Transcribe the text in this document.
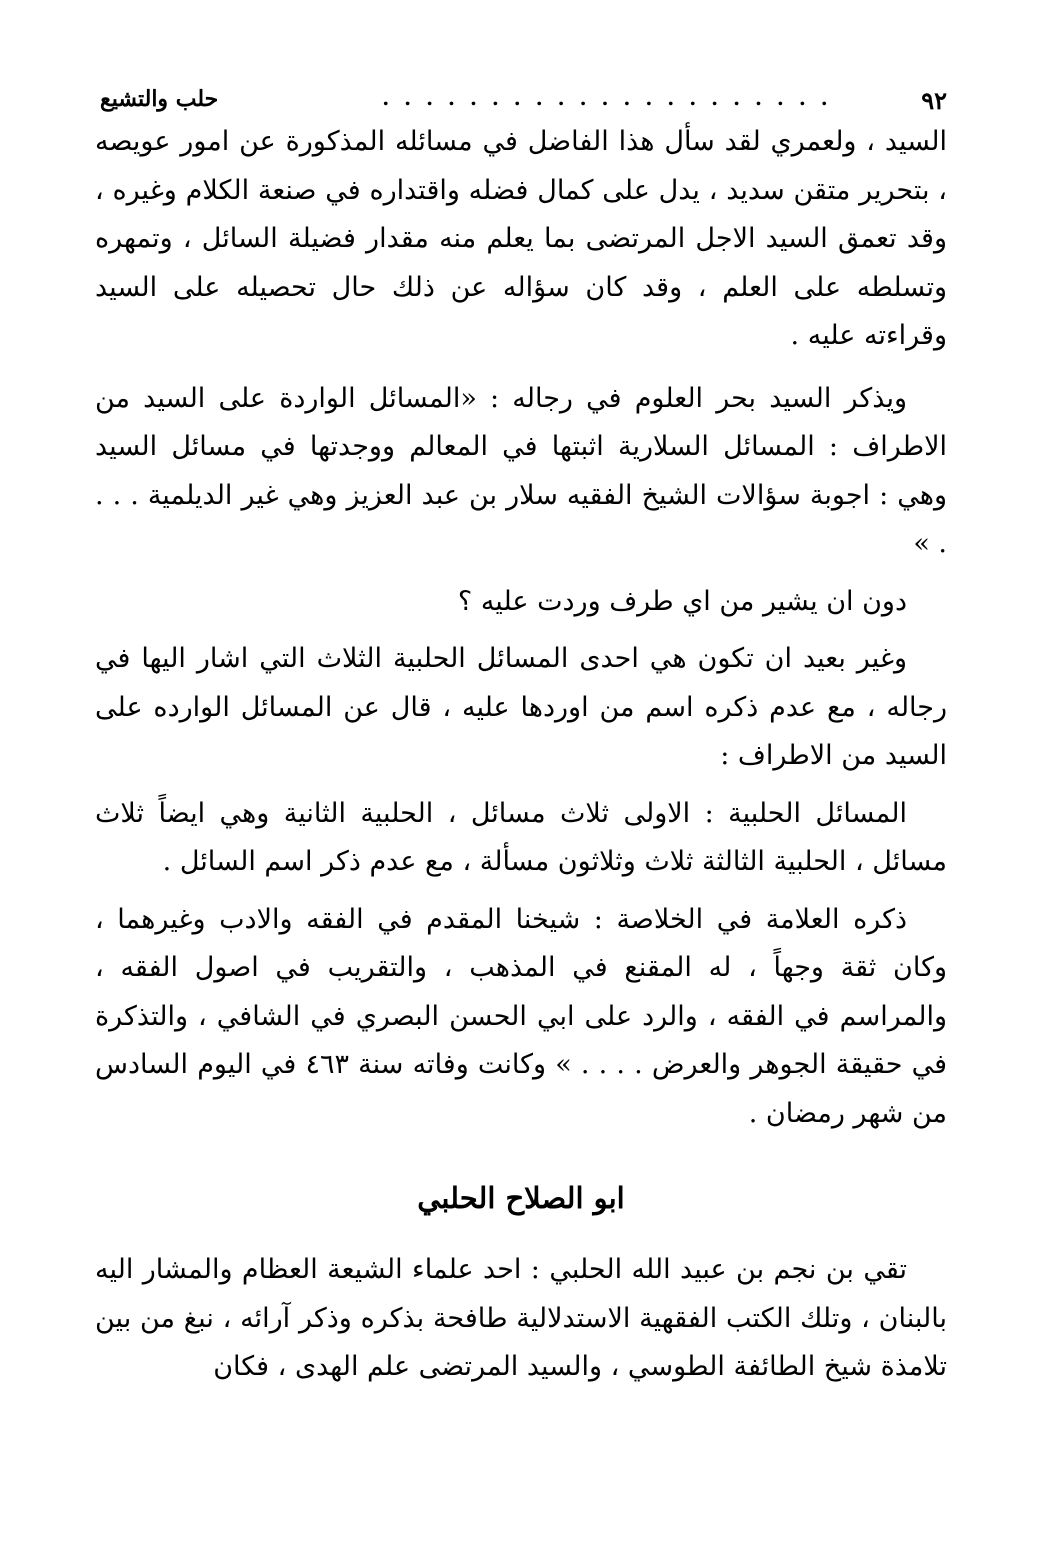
٩٢
. . . . . . . . . . . . . . . . . . . . .
حلب والتشيع

السيد ، ولعمري لقد سأل هذا الفاضل في مسائله المذكورة عن امور عويصه ، بتحرير متقن سديد ، يدل على كمال فضله واقتداره في صنعة الكلام وغيره ، وقد تعمق السيد الاجل المرتضى بما يعلم منه مقدار فضيلة السائل ، وتمهره وتسلطه على العلم ، وقد كان سؤاله عن ذلك حال تحصيله على السيد وقراءته عليه .

ويذكر السيد بحر العلوم في رجاله : «المسائل الواردة على السيد من الاطراف : المسائل السلارية اثبتها في المعالم ووجدتها في مسائل السيد وهي : اجوبة سؤالات الشيخ الفقيه سلار بن عبد العزيز وهي غير الديلمية . . . . »

دون ان يشير من اي طرف وردت عليه ؟

وغير بعيد ان تكون هي احدى المسائل الحلبية الثلاث التي اشار اليها في رجاله ، مع عدم ذكره اسم من اوردها عليه ، قال عن المسائل الوارده على السيد من الاطراف :

المسائل الحلبية : الاولى ثلاث مسائل ، الحلبية الثانية وهي ايضاً ثلاث مسائل ، الحلبية الثالثة ثلاث وثلاثون مسألة ، مع عدم ذكر اسم السائل .

ذكره العلامة في الخلاصة : شيخنا المقدم في الفقه والادب وغيرهما ، وكان ثقة وجهاً ، له المقنع في المذهب ، والتقريب في اصول الفقه ، والمراسم في الفقه ، والرد على ابي الحسن البصري في الشافي ، والتذكرة في حقيقة الجوهر والعرض . . . . » وكانت وفاته سنة ٤٦٣ في اليوم السادس من شهر رمضان .

ابو الصلاح الحلبي

تقي بن نجم بن عبيد الله الحلبي : احد علماء الشيعة العظام والمشار اليه بالبنان ، وتلك الكتب الفقهية الاستدلالية طافحة بذكره وذكر آرائه ، نبغ من بين تلامذة شيخ الطائفة الطوسي ، والسيد المرتضى علم الهدى ، فكان
